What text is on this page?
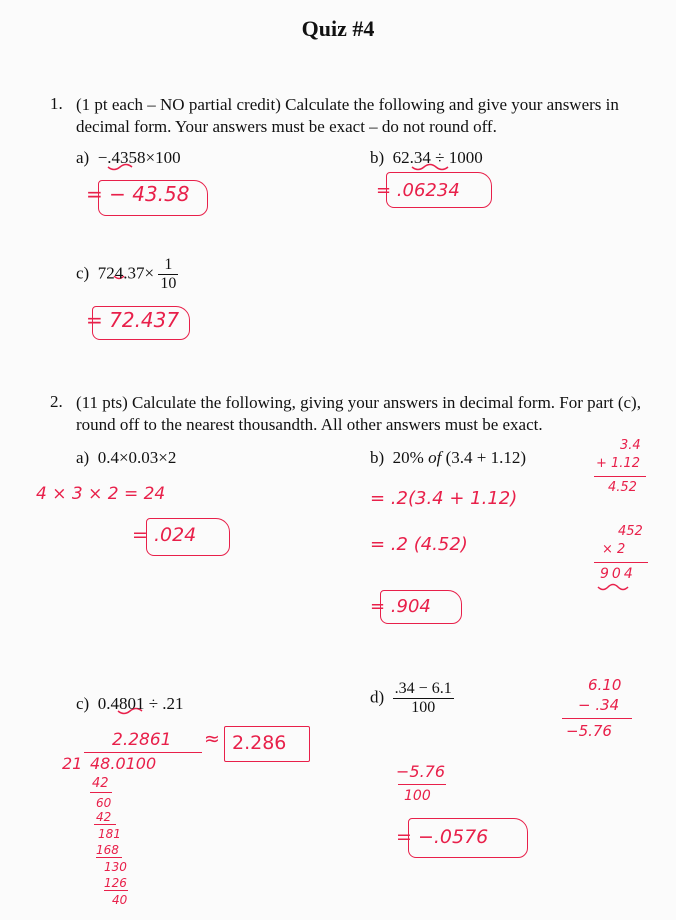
Quiz #4
1. (1 pt each – NO partial credit) Calculate the following and give your answers in decimal form. Your answers must be exact – do not round off.
a) −.4358×100
= − 43.58
b) 62.34 ÷ 1000
= .06234
c) $724.37\times \frac{1}{10}$
= 72.437
2. (11 pts) Calculate the following, giving your answers in decimal form. For part (c), round off to the nearest thousandth. All other answers must be exact.
a) 0.4×0.03×2
4 × 3 × 2 = 24
= .024
b) 20% of (3.4 + 1.12)
= .2(3.4 + 1.12)
= .2 (4.52)
= .904
3.4
+ 1.12
4.52
452
× 2
904
c) 0.4801 ÷ .21
2.2861 ≈ 2.286
21 48.0100
42
60
42
181
168
130
126
40
$d) \frac{.34 - 6.1}{100}$	6.10
− .34
−5.76
−5.76
100
= −.0576
